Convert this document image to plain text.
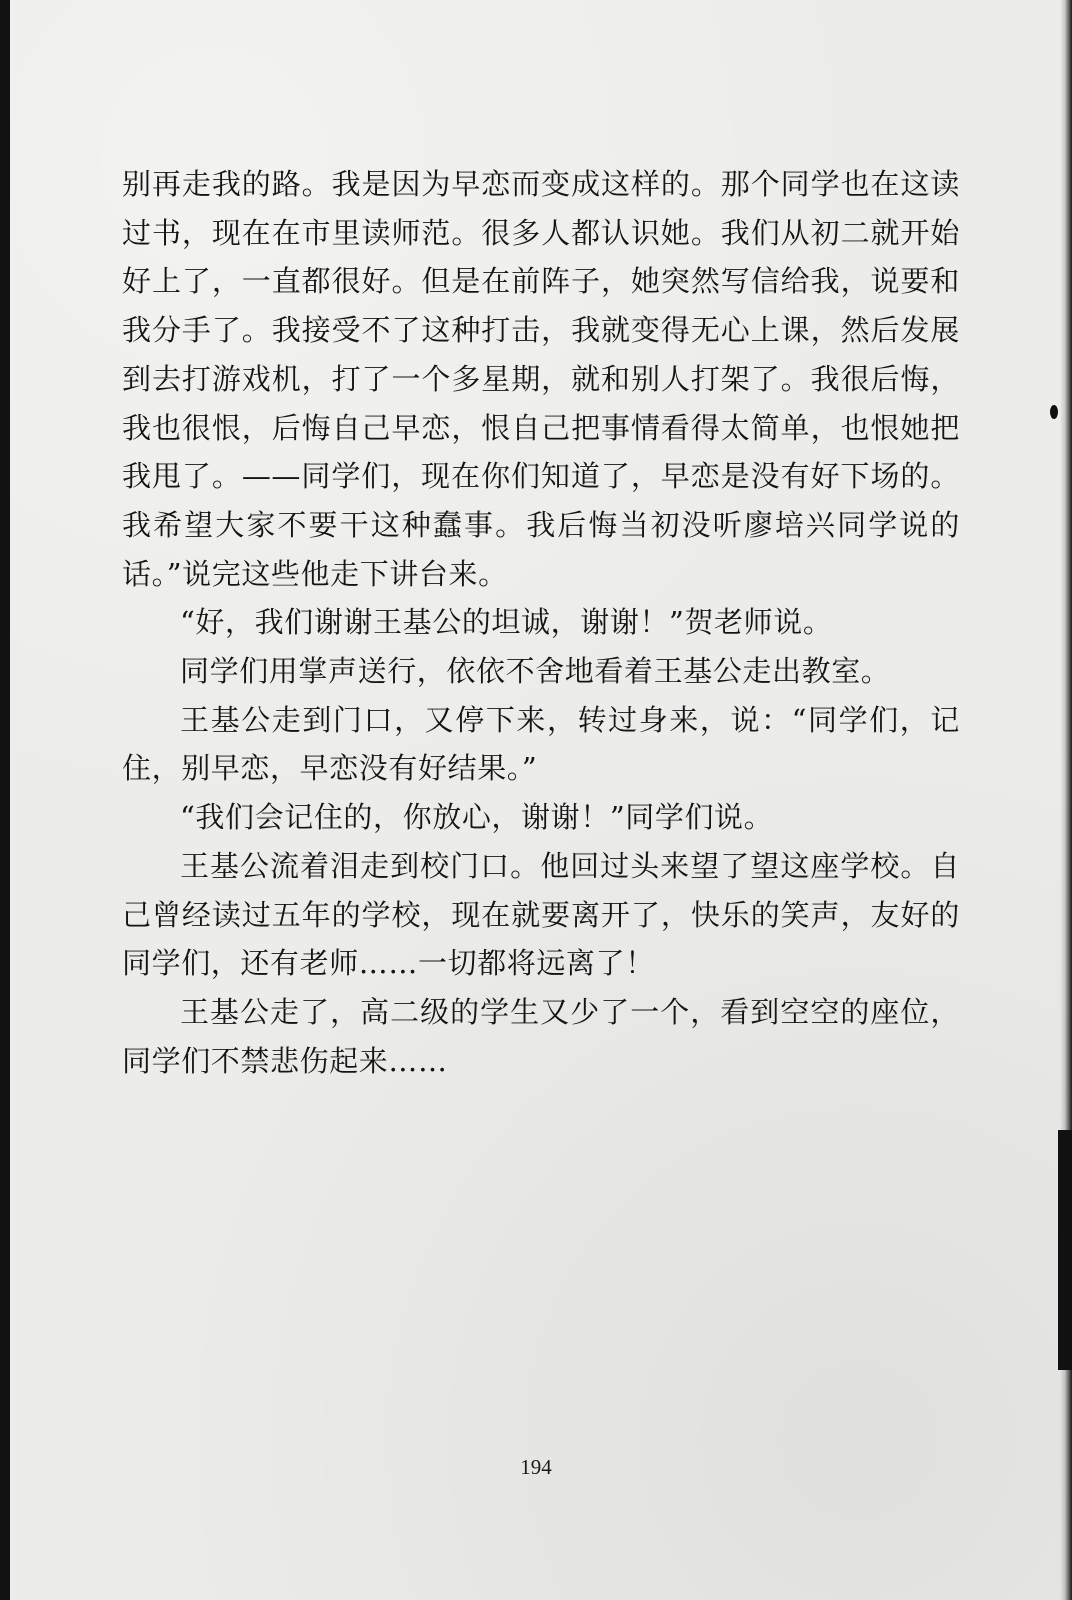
别再走我的路。我是因为早恋而变成这样的。那个同学也在这读过书，现在在市里读师范。很多人都认识她。我们从初二就开始好上了，一直都很好。但是在前阵子，她突然写信给我，说要和我分手了。我接受不了这种打击，我就变得无心上课，然后发展到去打游戏机，打了一个多星期，就和别人打架了。我很后悔，我也很恨，后悔自己早恋，恨自己把事情看得太简单，也恨她把我甩了。——同学们，现在你们知道了，早恋是没有好下场的。我希望大家不要干这种蠢事。我后悔当初没听廖培兴同学说的话。”说完这些他走下讲台来。

“好，我们谢谢王基公的坦诚，谢谢！”贺老师说。

同学们用掌声送行，依依不舍地看着王基公走出教室。

王基公走到门口，又停下来，转过身来，说：“同学们，记住，别早恋，早恋没有好结果。”

“我们会记住的，你放心，谢谢！”同学们说。

王基公流着泪走到校门口。他回过头来望了望这座学校。自己曾经读过五年的学校，现在就要离开了，快乐的笑声，友好的同学们，还有老师……一切都将远离了！

王基公走了，高二级的学生又少了一个，看到空空的座位，同学们不禁悲伤起来……

194
